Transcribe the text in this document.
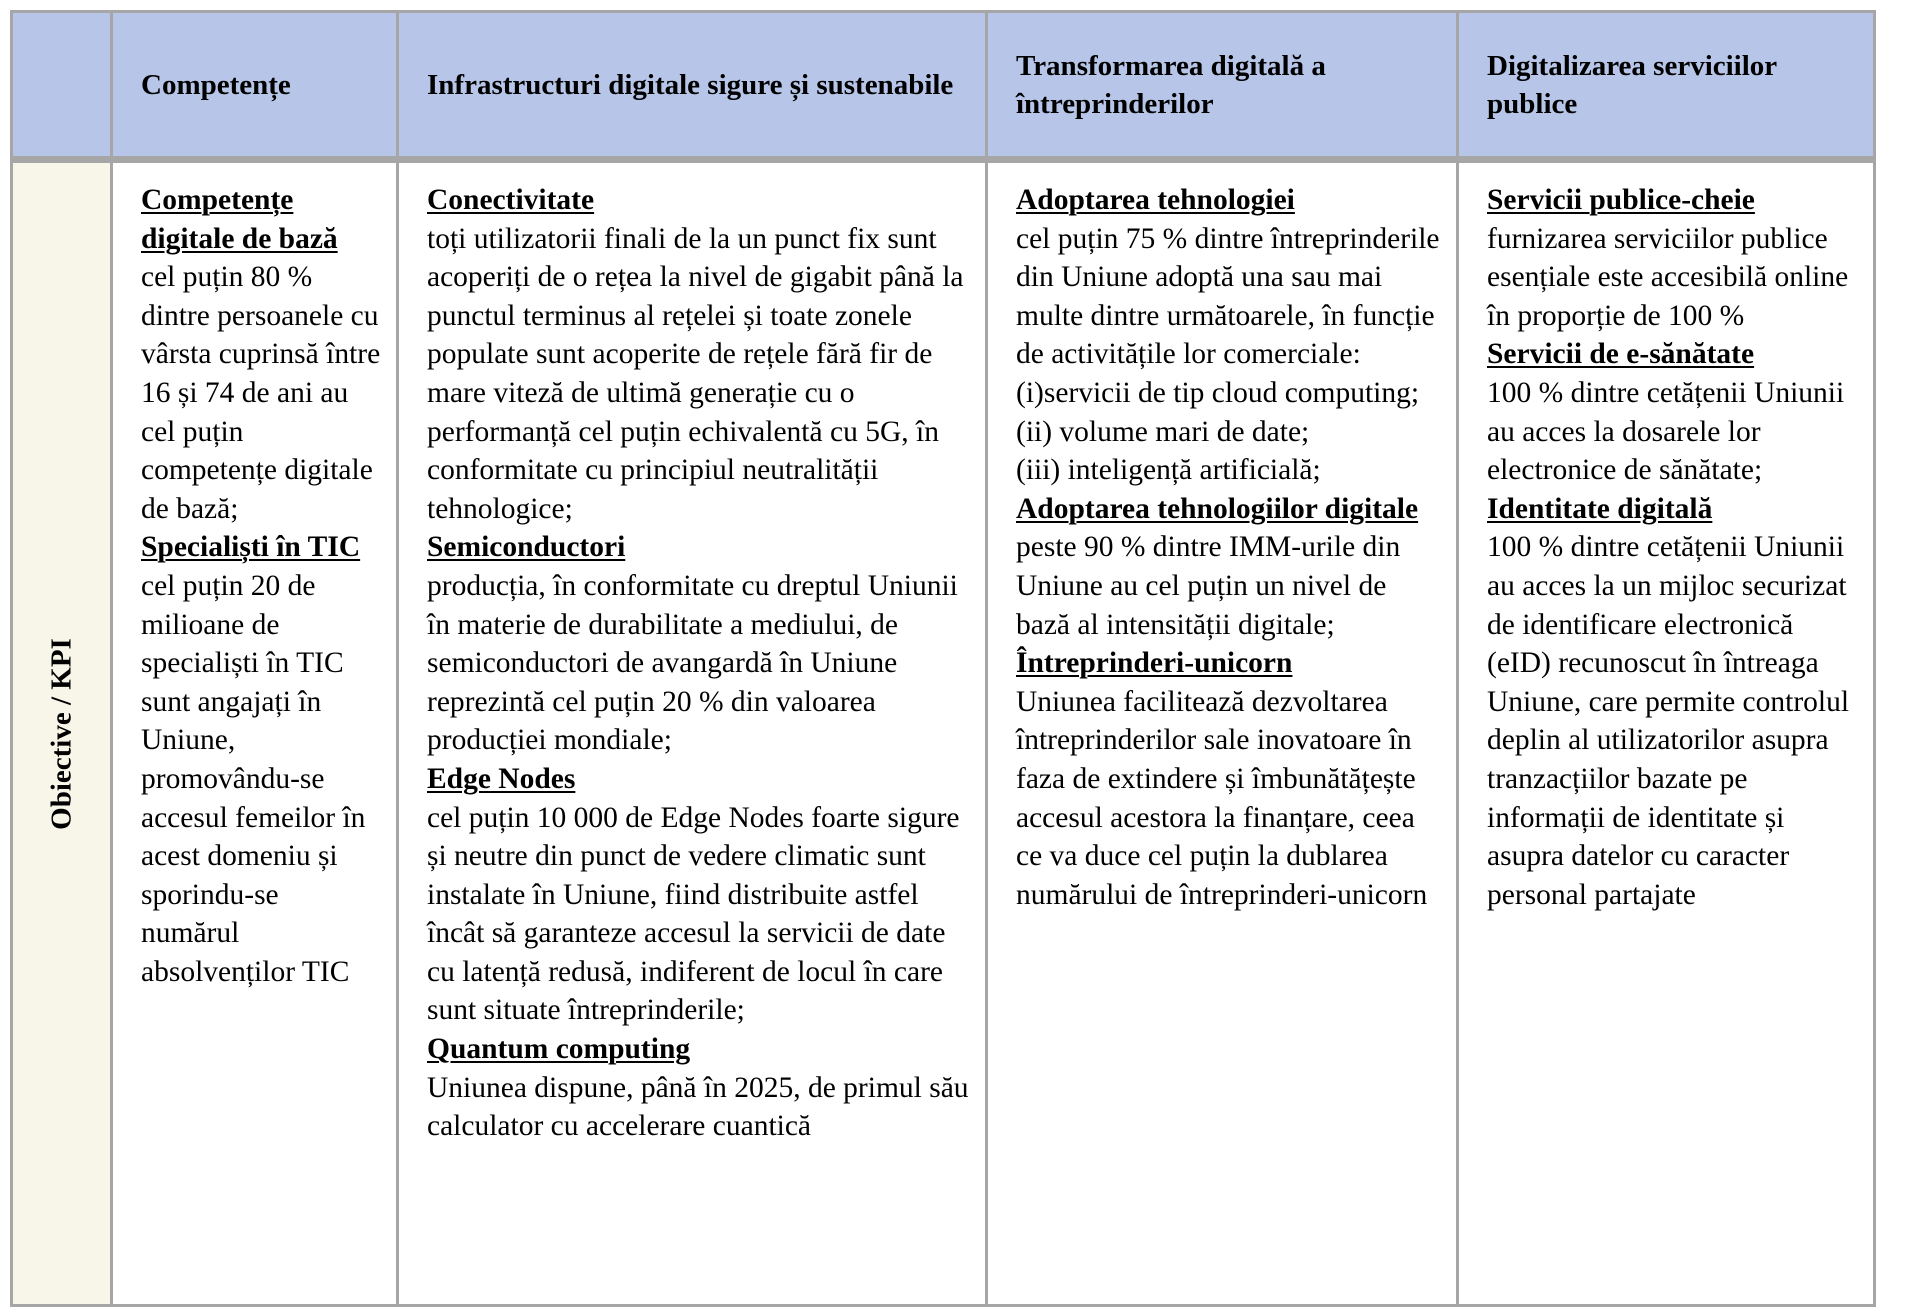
Competențe	Infrastructuri digitale sigure și sustenabile
Transformarea digitală a întreprinderilor
Digitalizarea serviciilor publice
Obiective / KPI
Competențe digitale de bază
cel puțin 80 % dintre persoanele cu vârsta cuprinsă între 16 și 74 de ani au cel puțin competențe digitale de bază;
Specialiști în TIC
cel puțin 20 de milioane de specialiști în TIC sunt angajați în Uniune, promovându-se accesul femeilor în acest domeniu și sporindu-se numărul absolvenților TIC
Conectivitate
toți utilizatorii finali de la un punct fix sunt acoperiți de o rețea la nivel de gigabit până la punctul terminus al rețelei și toate zonele populate sunt acoperite de rețele fără fir de mare viteză de ultimă generație cu o performanță cel puțin echivalentă cu 5G, în conformitate cu principiul neutralității tehnologice;
Semiconductori
producția, în conformitate cu dreptul Uniunii în materie de durabilitate a mediului, de semiconductori de avangardă în Uniune reprezintă cel puțin 20 % din valoarea producției mondiale;
Edge Nodes
cel puțin 10 000 de Edge Nodes foarte sigure și neutre din punct de vedere climatic sunt instalate în Uniune, fiind distribuite astfel încât să garanteze accesul la servicii de date cu latență redusă, indiferent de locul în care sunt situate întreprinderile;
Quantum computing
Uniunea dispune, până în 2025, de primul său calculator cu accelerare cuantică
Adoptarea tehnologiei
cel puțin 75 % dintre întreprinderile din Uniune adoptă una sau mai multe dintre următoarele, în funcție de activitățile lor comerciale:
(i)servicii de tip cloud computing;
(ii) volume mari de date;
(iii) inteligență artificială;
Adoptarea tehnologiilor digitale
peste 90 % dintre IMM-urile din Uniune au cel puțin un nivel de bază al intensității digitale;
Întreprinderi-unicorn
Uniunea facilitează dezvoltarea întreprinderilor sale inovatoare în faza de extindere și îmbunătățește accesul acestora la finanțare, ceea ce va duce cel puțin la dublarea numărului de întreprinderi-unicorn
Servicii publice-cheie
furnizarea serviciilor publice esențiale este accesibilă online în proporție de 100 %
Servicii de e-sănătate
100 % dintre cetățenii Uniunii au acces la dosarele lor electronice de sănătate;
Identitate digitală
100 % dintre cetățenii Uniunii au acces la un mijloc securizat de identificare electronică (eID) recunoscut în întreaga Uniune, care permite controlul deplin al utilizatorilor asupra tranzacțiilor bazate pe informații de identitate și asupra datelor cu caracter personal partajate
